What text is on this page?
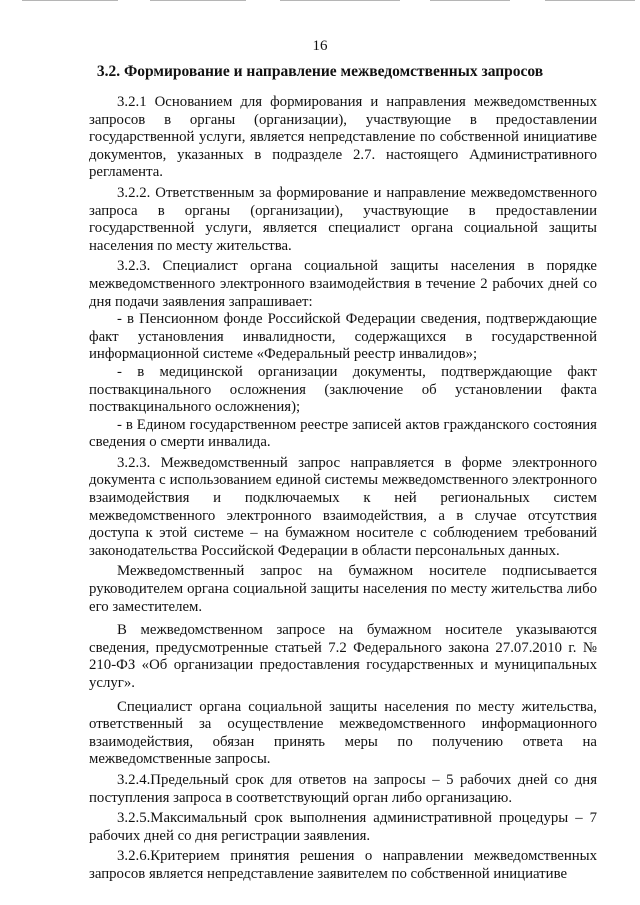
16
3.2. Формирование и направление межведомственных запросов

3.2.1 Основанием для формирования и направления межведомственных запросов в органы (организации), участвующие в предоставлении государственной услуги, является непредставление по собственной инициативе документов, указанных в подразделе 2.7. настоящего Административного регламента.

3.2.2. Ответственным за формирование и направление межведомственного запроса в органы (организации), участвующие в предоставлении государственной услуги, является специалист органа социальной защиты населения по месту жительства.

3.2.3. Специалист органа социальной защиты населения в порядке межведомственного электронного взаимодействия в течение 2 рабочих дней со дня подачи заявления запрашивает:

- в Пенсионном фонде Российской Федерации сведения, подтверждающие факт установления инвалидности, содержащихся в государственной информационной системе «Федеральный реестр инвалидов»;

- в медицинской организации документы, подтверждающие факт поствакцинального осложнения (заключение об установлении факта поствакцинального осложнения);

- в Едином государственном реестре записей актов гражданского состояния сведения о смерти инвалида.

3.2.3. Межведомственный запрос направляется в форме электронного документа с использованием единой системы межведомственного электронного взаимодействия и подключаемых к ней региональных систем межведомственного электронного взаимодействия, а в случае отсутствия доступа к этой системе – на бумажном носителе с соблюдением требований законодательства Российской Федерации в области персональных данных.

Межведомственный запрос на бумажном носителе подписывается руководителем органа социальной защиты населения по месту жительства либо его заместителем.

В межведомственном запросе на бумажном носителе указываются сведения, предусмотренные статьей 7.2 Федерального закона 27.07.2010 г. № 210-ФЗ «Об организации предоставления государственных и муниципальных услуг».

Специалист органа социальной защиты населения по месту жительства, ответственный за осуществление межведомственного информационного взаимодействия, обязан принять меры по получению ответа на межведомственные запросы.

3.2.4.Предельный срок для ответов на запросы – 5 рабочих дней со дня поступления запроса в соответствующий орган либо организацию.

3.2.5.Максимальный срок выполнения административной процедуры – 7 рабочих дней со дня регистрации заявления.

3.2.6.Критерием принятия решения о направлении межведомственных запросов является непредставление заявителем по собственной инициативе
